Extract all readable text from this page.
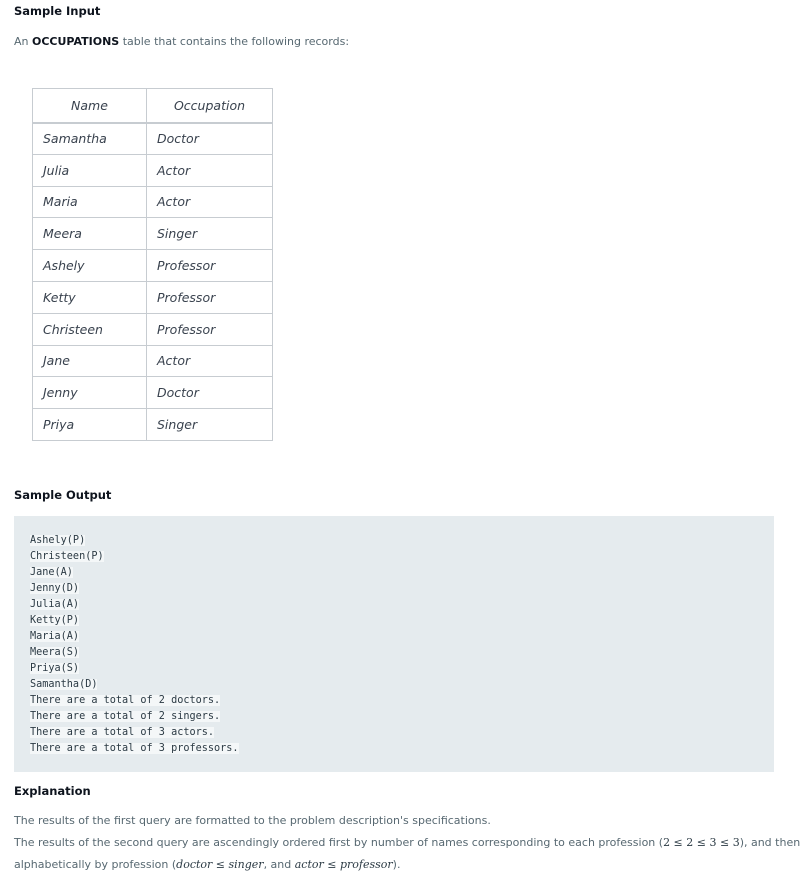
Sample Input
An OCCUPATIONS table that contains the following records:
Name	Occupation
Samantha	Doctor
Julia	Actor
Maria	Actor
Meera	Singer
Ashely	Professor
Ketty	Professor
Christeen	Professor
Jane	Actor
Jenny	Doctor
Priya	Singer
Sample Output
Ashely(P)
Christeen(P)
Jane(A)
Jenny(D)
Julia(A)
Ketty(P)
Maria(A)
Meera(S)
Priya(S)
Samantha(D)
There are a total of 2 doctors.
There are a total of 2 singers.
There are a total of 3 actors.
There are a total of 3 professors.
Explanation
The results of the first query are formatted to the problem description's specifications.
The results of the second query are ascendingly ordered first by number of names corresponding to each profession (2 ≤ 2 ≤ 3 ≤ 3), and then
alphabetically by profession (doctor ≤ singer, and actor ≤ professor).
